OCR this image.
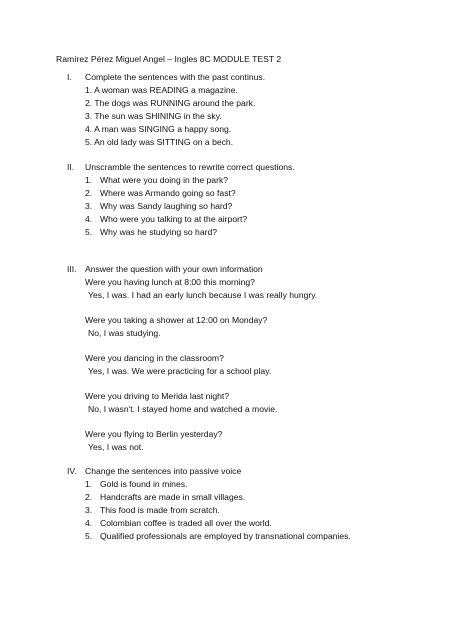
Ramírez Pérez Miguel Angel – Ingles 8C MODULE TEST 2
I. Complete the sentences with the past continus.
1. A woman was READING a magazine.
2. The dogs was RUNNING around the park.
3. The sun was SHINING in the sky.
4. A man was SINGING a happy song.
5. An old lady was SITTING on a bech.
II. Unscramble the sentences to rewrite correct questions.
1. What were you doing in the park?
2. Where was Armando going so fast?
3. Why was Sandy laughing so hard?
4. Who were you talking to at the airport?
5. Why was he studying so hard?
III. Answer the question with your own information
Were you having lunch at 8:00 this morning?
Yes, I was. I had an early lunch because I was really hungry.
Were you taking a shower at 12:00 on Monday?
No, I was studying.
Were you dancing in the classroom?
Yes, I was. We were practicing for a school play.
Were you driving to Merida last night?
No, I wasn't. I stayed home and watched a movie.
Were you flying to Berlin yesterday?
Yes, I was not.
IV. Change the sentences into passive voice
1. Gold is found in mines.
2. Handcrafts are made in small villages.
3. This food is made from scratch.
4. Colombian coffee is traded all over the world.
5. Qualified professionals are employed by transnational companies.
